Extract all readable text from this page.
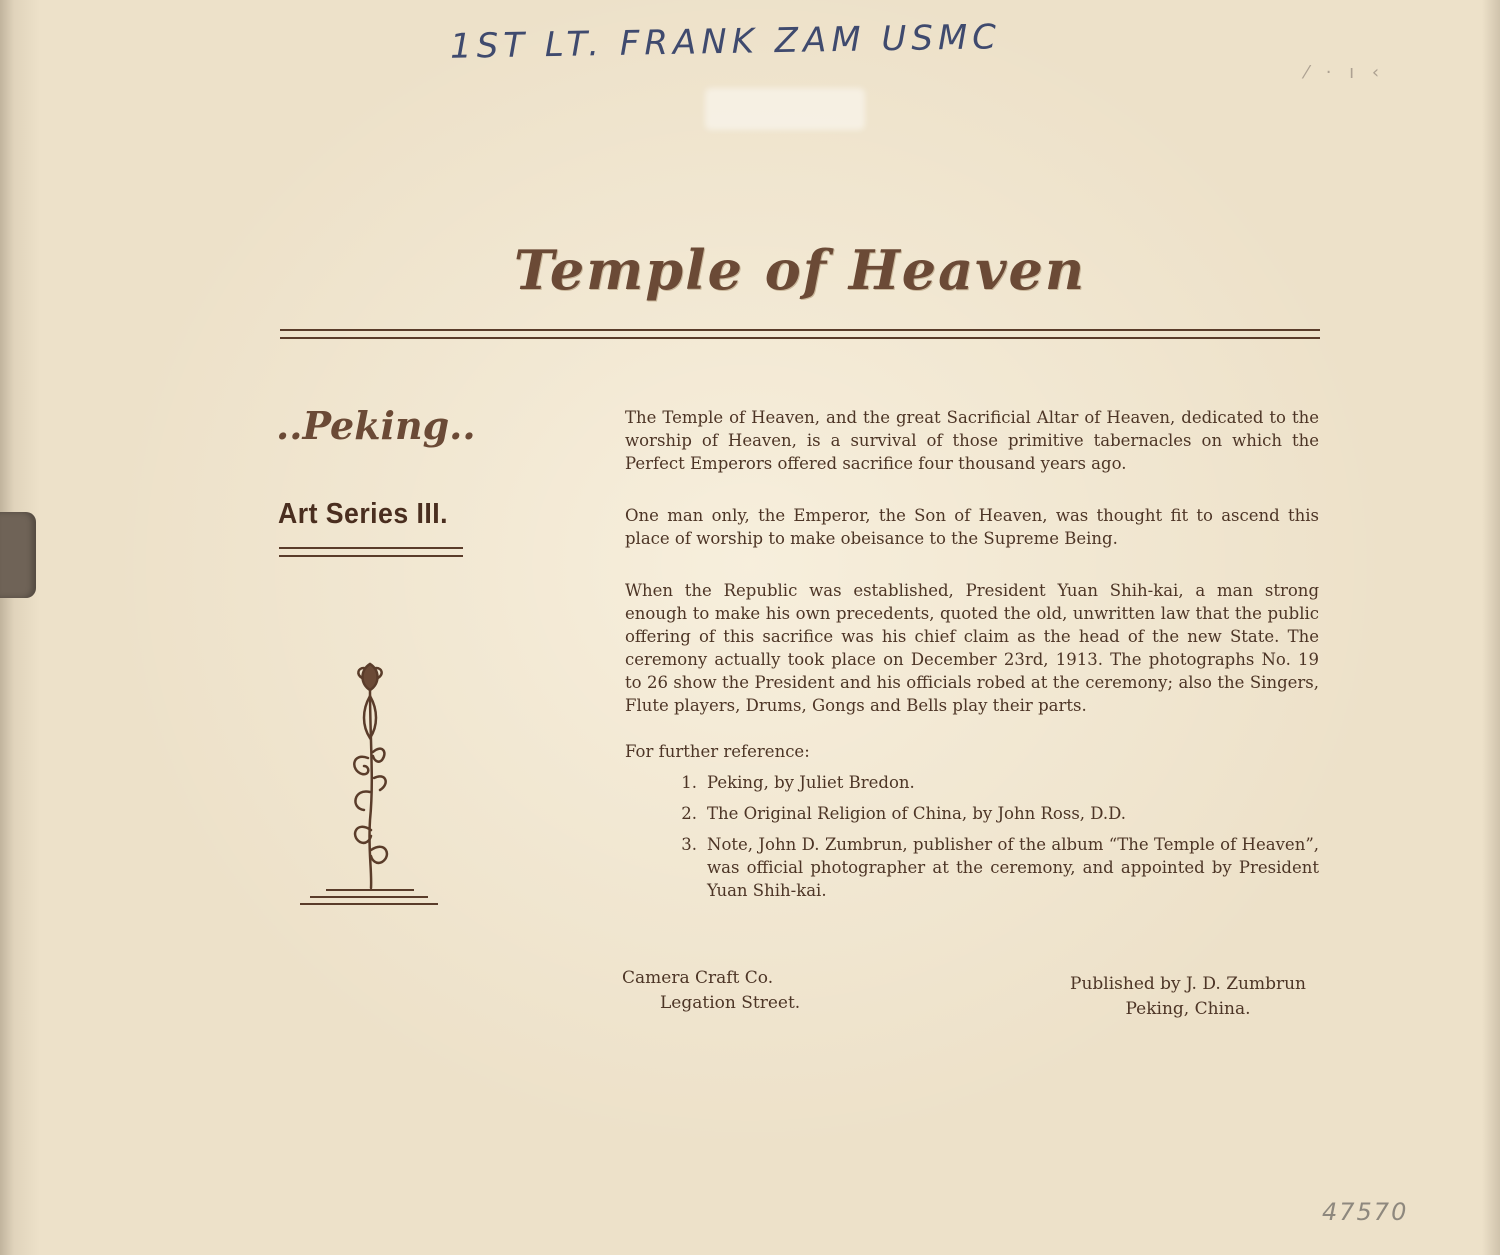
1ST LT. FRANK ZAM USMC
⁄ · ı ‹
Temple of Heaven
..Peking..
Art Series III.

The Temple of Heaven, and the great Sacrificial Altar of Heaven, dedicated to the worship of Heaven, is a survival of those primitive tabernacles on which the Perfect Emperors offered sacrifice four thousand years ago.

One man only, the Emperor, the Son of Heaven, was thought fit to ascend this place of worship to make obeisance to the Supreme Being.

When the Republic was established, President Yuan Shih-kai, a man strong enough to make his own precedents, quoted the old, unwritten law that the public offering of this sacrifice was his chief claim as the head of the new State. The ceremony actually took place on December 23rd, 1913. The photographs No. 19 to 26 show the President and his officials robed at the ceremony; also the Singers, Flute players, Drums, Gongs and Bells play their parts.

For further reference:
1. Peking, by Juliet Bredon.
2. The Original Religion of China, by John Ross, D.D.
3. Note, John D. Zumbrun, publisher of the album “The Temple of Heaven”, was official photographer at the ceremony, and appointed by President Yuan Shih-kai.
Camera Craft Co.
Legation Street.
Published by J. D. Zumbrun
Peking, China.
47570
